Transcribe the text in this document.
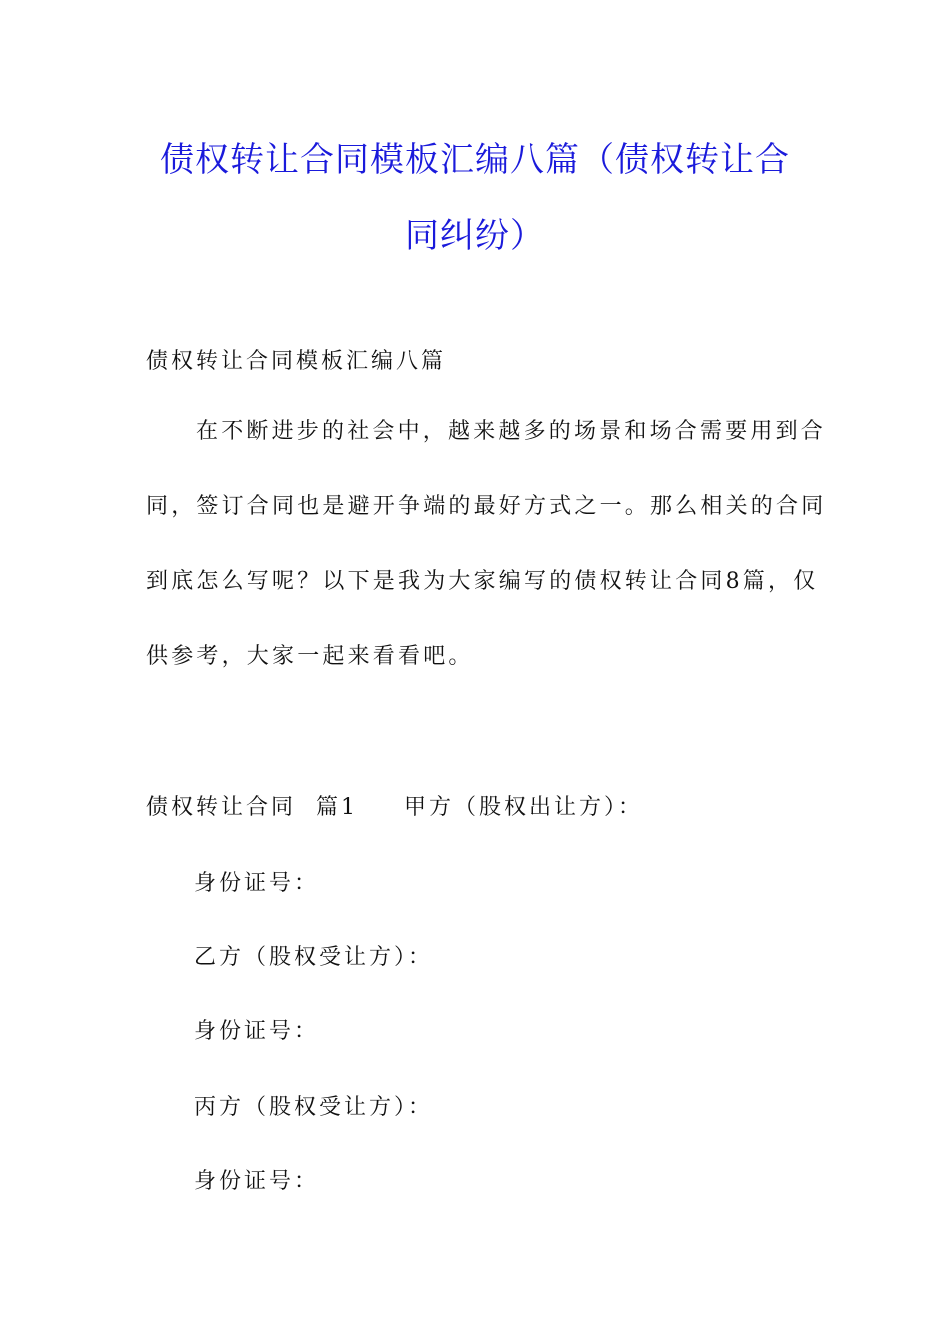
债权转让合同模板汇编八篇（债权转让合
同纠纷）
债权转让合同模板汇编八篇
在不断进步的社会中，越来越多的场景和场合需要用到合
同，签订合同也是避开争端的最好方式之一。那么相关的合同
到底怎么写呢？以下是我为大家编写的债权转让合同8篇，仅
供参考，大家一起来看看吧。
债权转让合同  篇1 甲方（股权出让方）：
身份证号：
乙方（股权受让方）：
身份证号：
丙方（股权受让方）：
身份证号：
